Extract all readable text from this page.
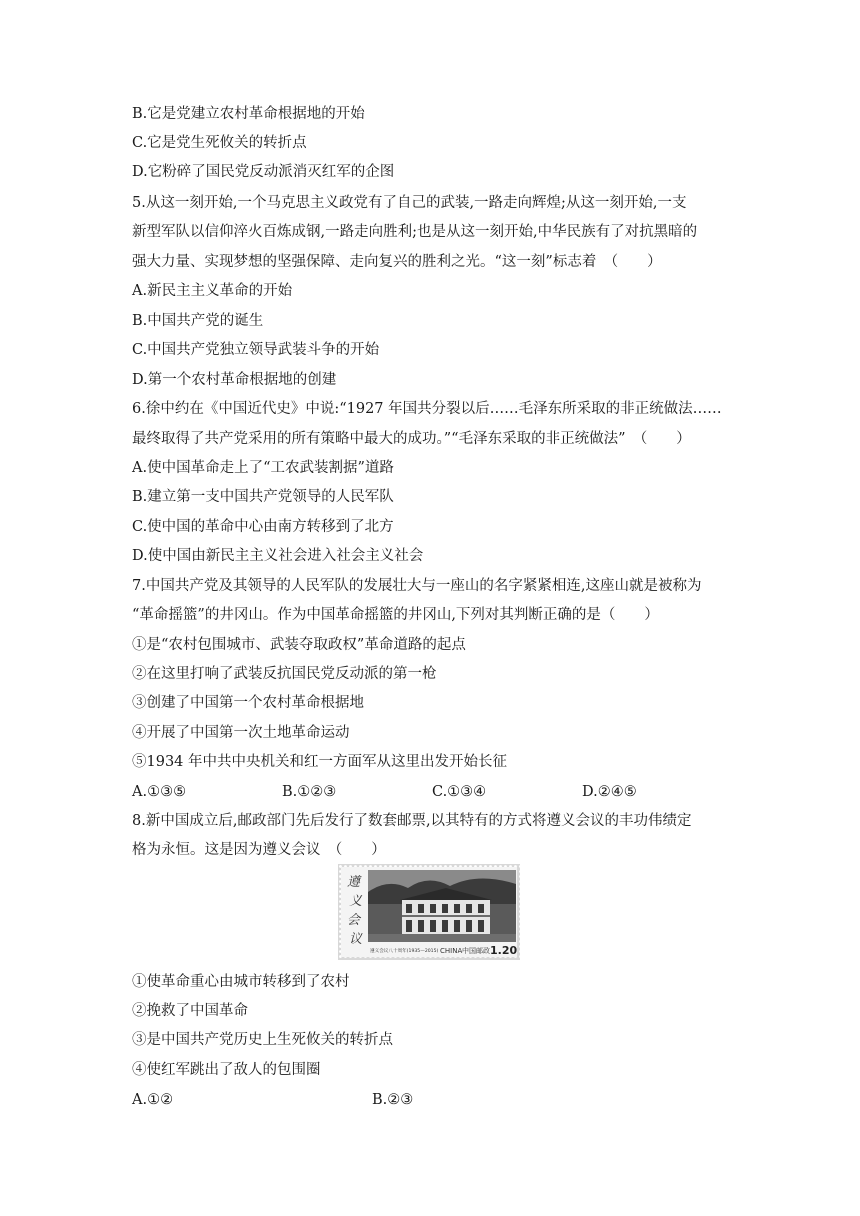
B.它是党建立农村革命根据地的开始
C.它是党生死攸关的转折点
D.它粉碎了国民党反动派消灭红军的企图
5.从这一刻开始,一个马克思主义政党有了自己的武装,一路走向辉煌;从这一刻开始,一支
新型军队以信仰淬火百炼成钢,一路走向胜利;也是从这一刻开始,中华民族有了对抗黑暗的
强大力量、实现梦想的坚强保障、走向复兴的胜利之光。“这一刻”标志着　（　　）
A.新民主主义革命的开始
B.中国共产党的诞生
C.中国共产党独立领导武装斗争的开始
D.第一个农村革命根据地的创建
6.徐中约在《中国近代史》中说:“1927 年国共分裂以后……毛泽东所采取的非正统做法……
最终取得了共产党采用的所有策略中最大的成功。”“毛泽东采取的非正统做法”　（　　）
A.使中国革命走上了“工农武装割据”道路
B.建立第一支中国共产党领导的人民军队
C.使中国的革命中心由南方转移到了北方
D.使中国由新民主主义社会进入社会主义社会
7.中国共产党及其领导的人民军队的发展壮大与一座山的名字紧紧相连,这座山就是被称为
“革命摇篮”的井冈山。作为中国革命摇篮的井冈山,下列对其判断正确的是（　　）
①是“农村包围城市、武装夺取政权”革命道路的起点
②在这里打响了武装反抗国民党反动派的第一枪
③创建了中国第一个农村革命根据地
④开展了中国第一次土地革命运动
⑤1934 年中共中央机关和红一方面军从这里出发开始长征
A.①③⑤	B.①②③	C.①③④	D.②④⑤
8.新中国成立后,邮政部门先后发行了数套邮票,以其特有的方式将遵义会议的丰功伟绩定
格为永恒。这是因为遵义会议　（　　）
遵
义
会
议
遵义会议八十周年(1935—2015) CHINA 中国邮政 1.20
①使革命重心由城市转移到了农村
②挽救了中国革命
③是中国共产党历史上生死攸关的转折点
④使红军跳出了敌人的包围圈
A.①②	B.②③
